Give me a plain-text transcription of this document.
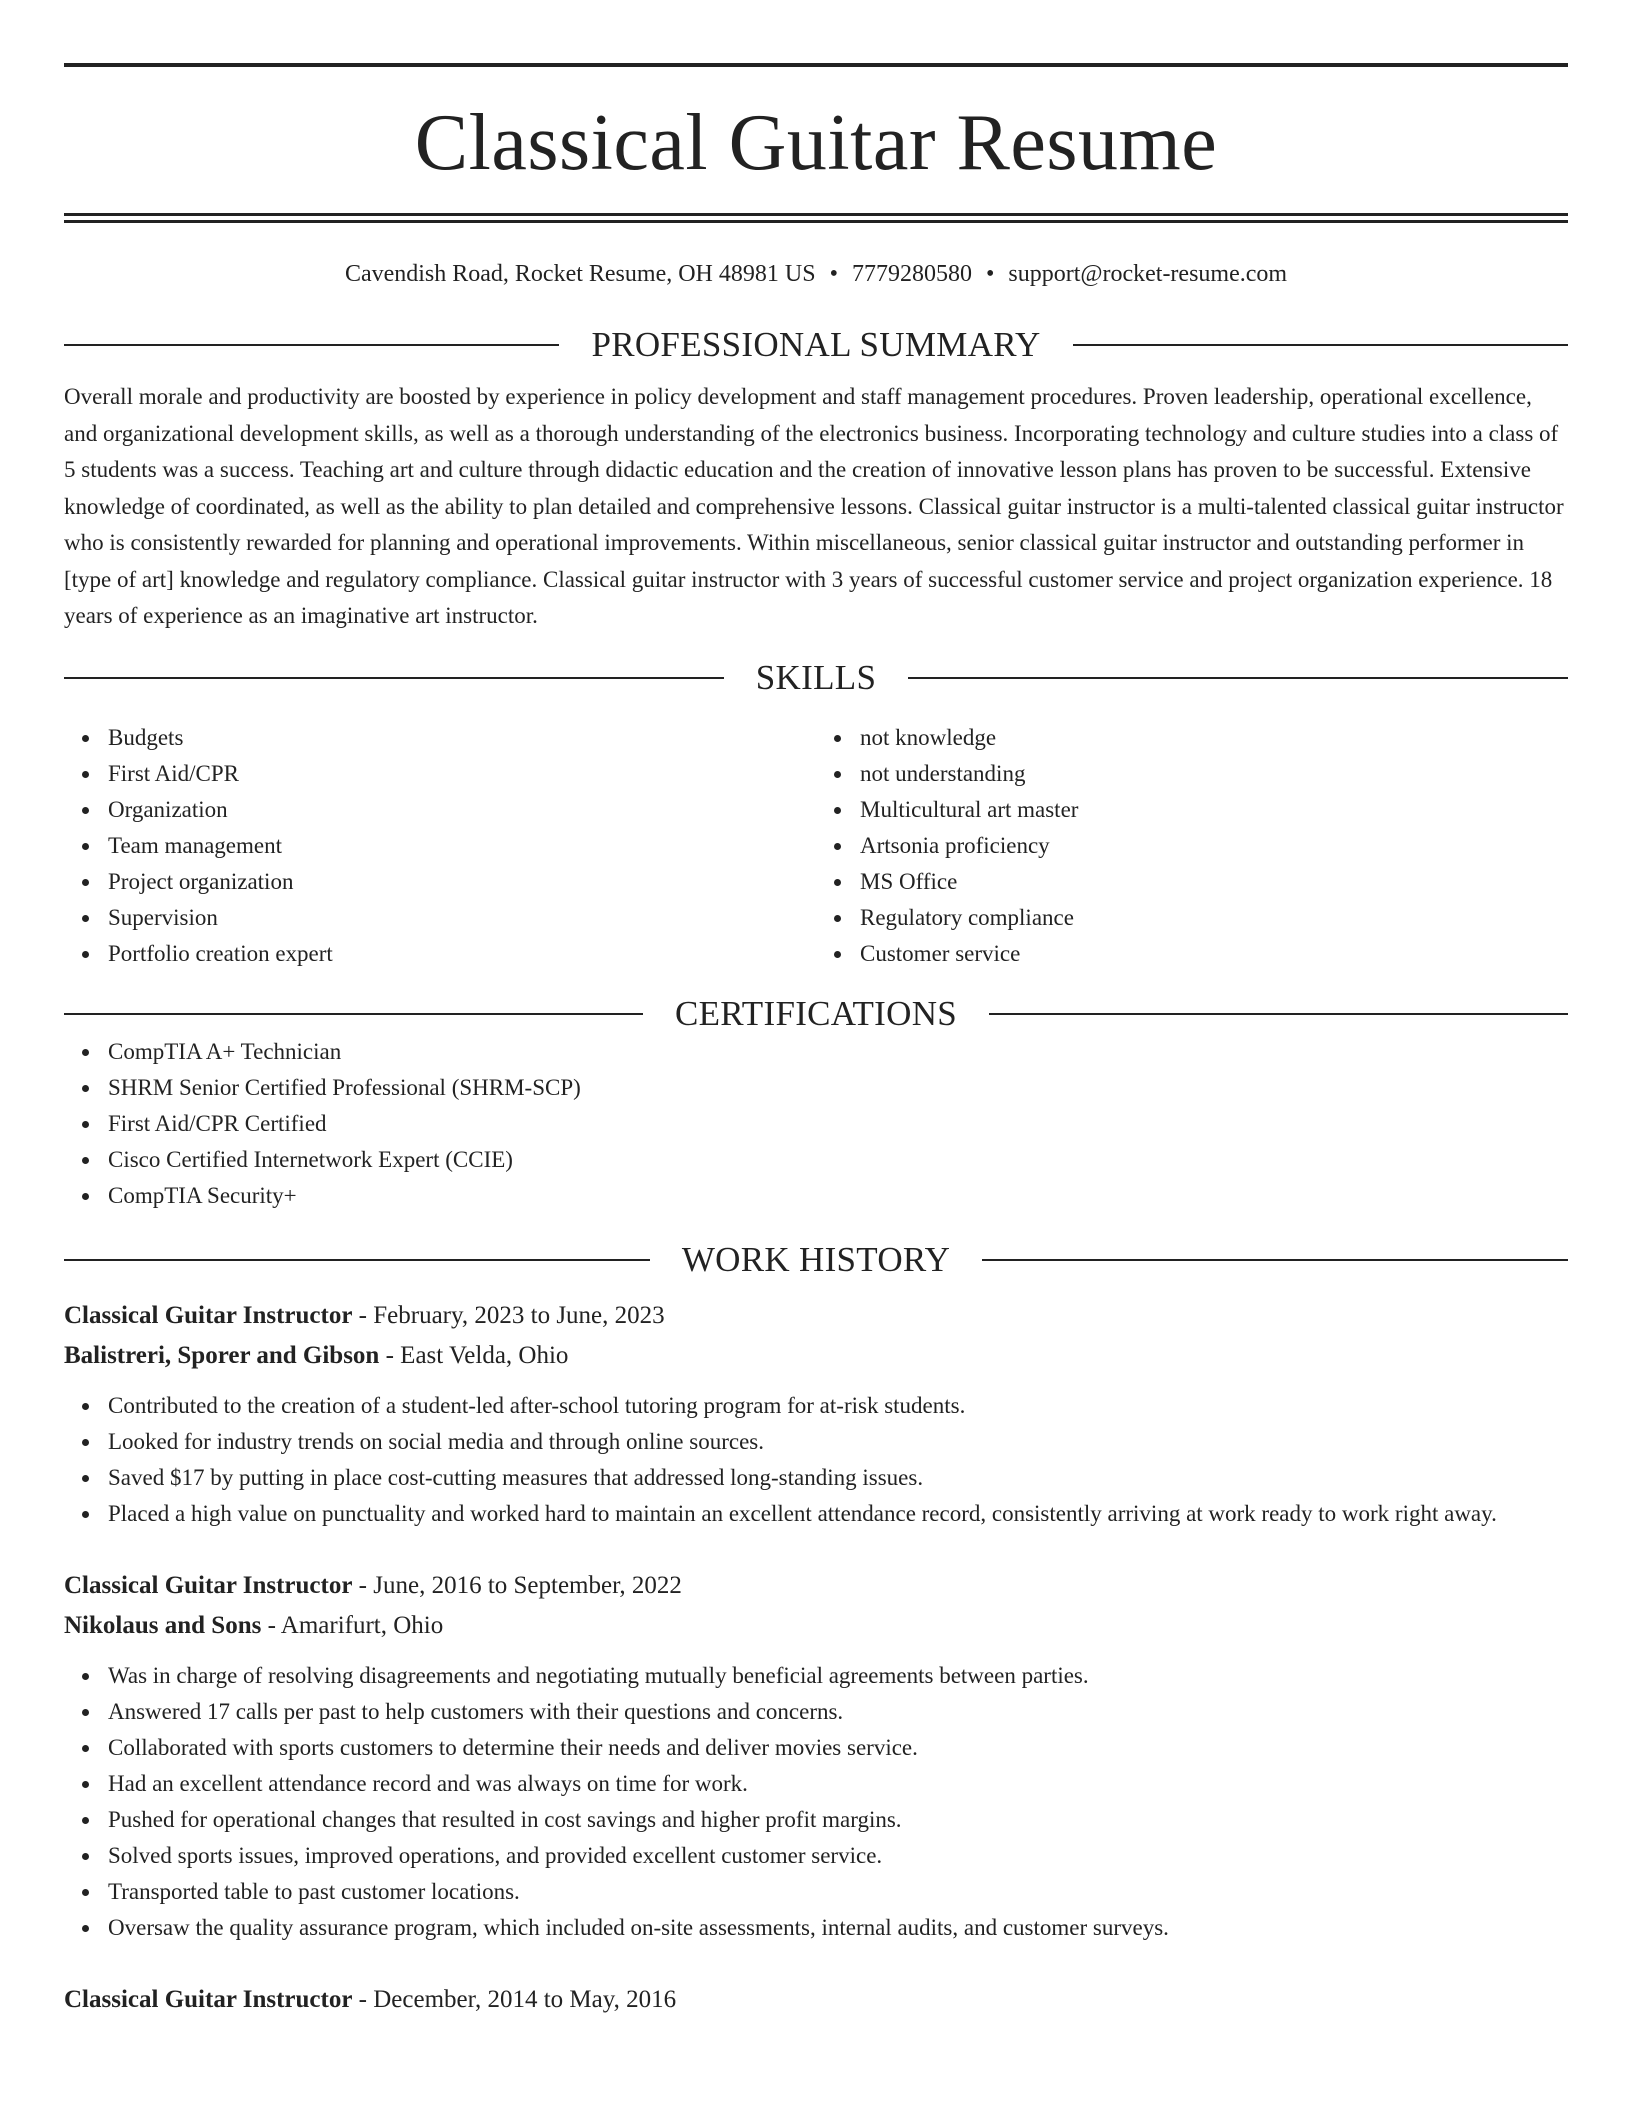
Classical Guitar Resume
Cavendish Road, Rocket Resume, OH 48981 US • 7779280580 • support@rocket-resume.com
PROFESSIONAL SUMMARY

Overall morale and productivity are boosted by experience in policy development and staff management procedures. Proven leadership, operational excellence, and organizational development skills, as well as a thorough understanding of the electronics business. Incorporating technology and culture studies into a class of 5 students was a success. Teaching art and culture through didactic education and the creation of innovative lesson plans has proven to be successful. Extensive knowledge of coordinated, as well as the ability to plan detailed and comprehensive lessons. Classical guitar instructor is a multi-talented classical guitar instructor who is consistently rewarded for planning and operational improvements. Within miscellaneous, senior classical guitar instructor and outstanding performer in [type of art] knowledge and regulatory compliance. Classical guitar instructor with 3 years of successful customer service and project organization experience. 18 years of experience as an imaginative art instructor.

SKILLS
Budgets
First Aid/CPR
Organization
Team management
Project organization
Supervision
Portfolio creation expert
not knowledge
not understanding
Multicultural art master
Artsonia proficiency
MS Office
Regulatory compliance
Customer service
CERTIFICATIONS
CompTIA A+ Technician
SHRM Senior Certified Professional (SHRM-SCP)
First Aid/CPR Certified
Cisco Certified Internetwork Expert (CCIE)
CompTIA Security+
WORK HISTORY
Classical Guitar Instructor - February, 2023 to June, 2023
Balistreri, Sporer and Gibson - East Velda, Ohio
Contributed to the creation of a student-led after-school tutoring program for at-risk students.
Looked for industry trends on social media and through online sources.
Saved $17 by putting in place cost-cutting measures that addressed long-standing issues.
Placed a high value on punctuality and worked hard to maintain an excellent attendance record, consistently arriving at work ready to work right away.
Classical Guitar Instructor - June, 2016 to September, 2022
Nikolaus and Sons - Amarifurt, Ohio
Was in charge of resolving disagreements and negotiating mutually beneficial agreements between parties.
Answered 17 calls per past to help customers with their questions and concerns.
Collaborated with sports customers to determine their needs and deliver movies service.
Had an excellent attendance record and was always on time for work.
Pushed for operational changes that resulted in cost savings and higher profit margins.
Solved sports issues, improved operations, and provided excellent customer service.
Transported table to past customer locations.
Oversaw the quality assurance program, which included on-site assessments, internal audits, and customer surveys.
Classical Guitar Instructor - December, 2014 to May, 2016
